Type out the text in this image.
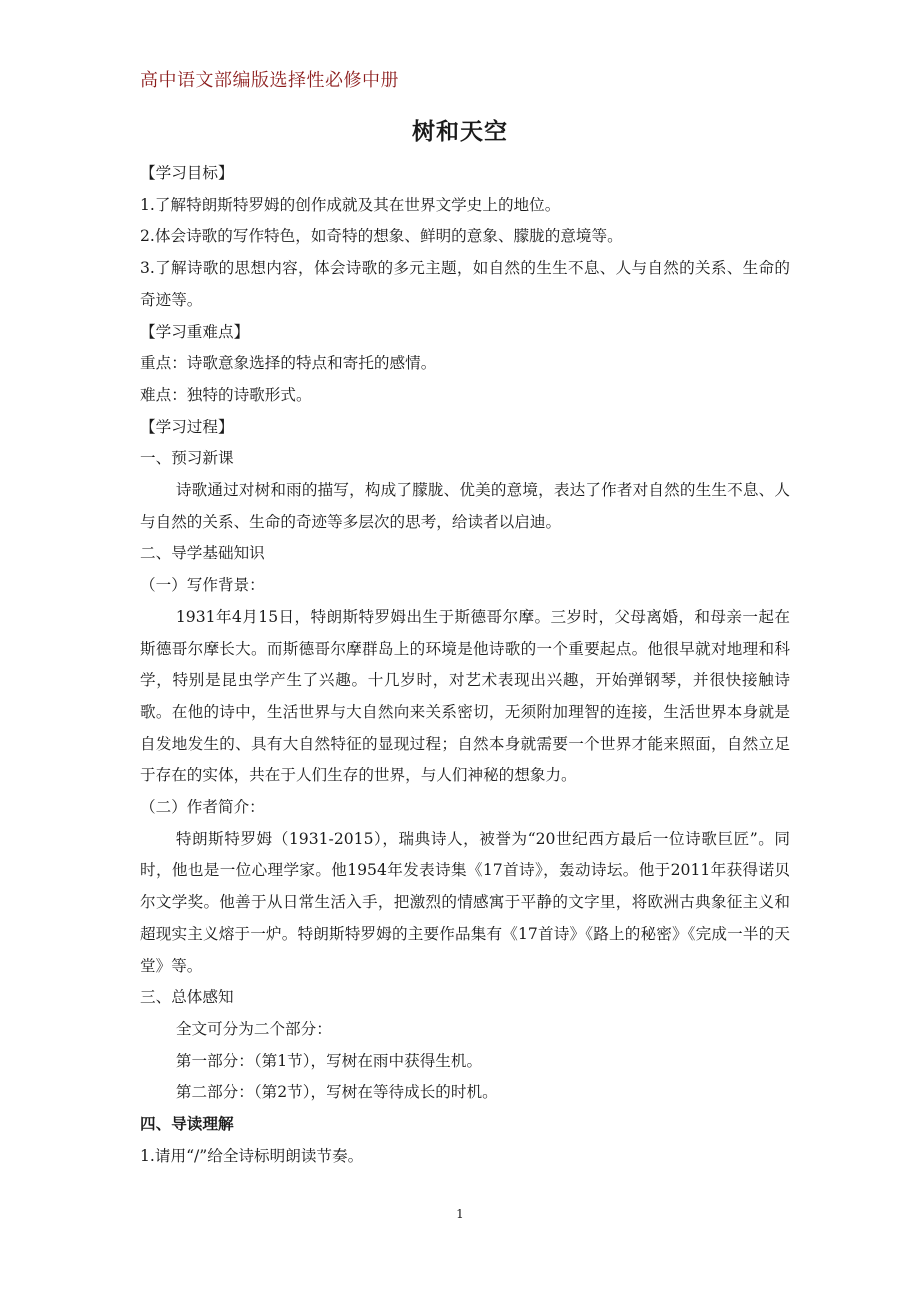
高中语文部编版选择性必修中册
树和天空

【学习目标】

1.了解特朗斯特罗姆的创作成就及其在世界文学史上的地位。

2.体会诗歌的写作特色，如奇特的想象、鲜明的意象、朦胧的意境等。

3.了解诗歌的思想内容，体会诗歌的多元主题，如自然的生生不息、人与自然的关系、生命的奇迹等。

【学习重难点】

重点：诗歌意象选择的特点和寄托的感情。

难点：独特的诗歌形式。

【学习过程】

一、预习新课

诗歌通过对树和雨的描写，构成了朦胧、优美的意境，表达了作者对自然的生生不息、人与自然的关系、生命的奇迹等多层次的思考，给读者以启迪。

二、导学基础知识

（一）写作背景：

1931年4月15日，特朗斯特罗姆出生于斯德哥尔摩。三岁时，父母离婚，和母亲一起在斯德哥尔摩长大。而斯德哥尔摩群岛上的环境是他诗歌的一个重要起点。他很早就对地理和科学，特别是昆虫学产生了兴趣。十几岁时，对艺术表现出兴趣，开始弹钢琴，并很快接触诗歌。在他的诗中，生活世界与大自然向来关系密切，无须附加理智的连接，生活世界本身就是自发地发生的、具有大自然特征的显现过程；自然本身就需要一个世界才能来照面，自然立足于存在的实体，共在于人们生存的世界，与人们神秘的想象力。

（二）作者简介：

特朗斯特罗姆（1931-2015），瑞典诗人，被誉为“20世纪西方最后一位诗歌巨匠”。同时，他也是一位心理学家。他1954年发表诗集《17首诗》，轰动诗坛。他于2011年获得诺贝尔文学奖。他善于从日常生活入手，把激烈的情感寓于平静的文字里，将欧洲古典象征主义和超现实主义熔于一炉。特朗斯特罗姆的主要作品集有《17首诗》《路上的秘密》《完成一半的天堂》等。

三、总体感知

全文可分为二个部分：

第一部分：（第1节），写树在雨中获得生机。

第二部分：（第2节），写树在等待成长的时机。

四、导读理解

1.请用“/”给全诗标明朗读节奏。

1
